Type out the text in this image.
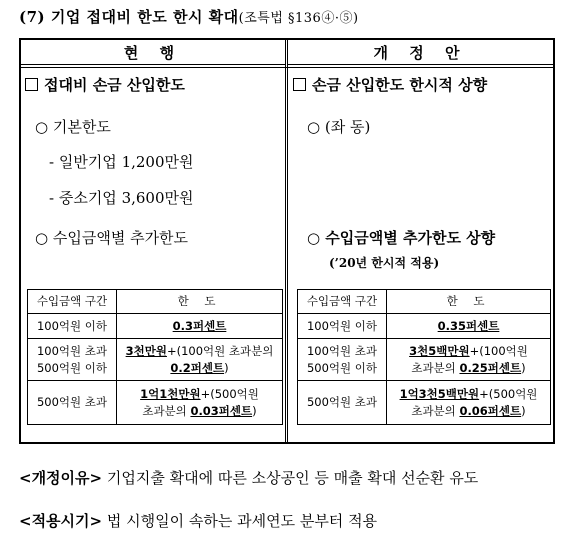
(7) 기업 접대비 한도 한시 확대(조특법 §136④·⑤)
현 행	개 정 안
접대비 손금 산입한도
○ 기본한도
- 일반기업 1,200만원
- 중소기업 3,600만원
○ 수입금액별 추가한도
손금 산입한도 한시적 상향
○ (좌 동)
○ 수입금액별 추가한도 상향
(’20년 한시적 적용)
수입금액 구간	한 도
100억원 이하	0.3퍼센트
100억원 초과
500억원 이하	3천만원+(100억원 초과분의
0.2퍼센트)
500억원 초과	1억1천만원+(500억원
초과분의 0.03퍼센트)
수입금액 구간	한 도
100억원 이하	0.35퍼센트
100억원 초과
500억원 이하	3천5백만원+(100억원
초과분의 0.25퍼센트)
500억원 초과	1억3천5백만원+(500억원
초과분의 0.06퍼센트)
<개정이유> 기업지출 확대에 따른 소상공인 등 매출 확대 선순환 유도
<적용시기> 법 시행일이 속하는 과세연도 분부터 적용
